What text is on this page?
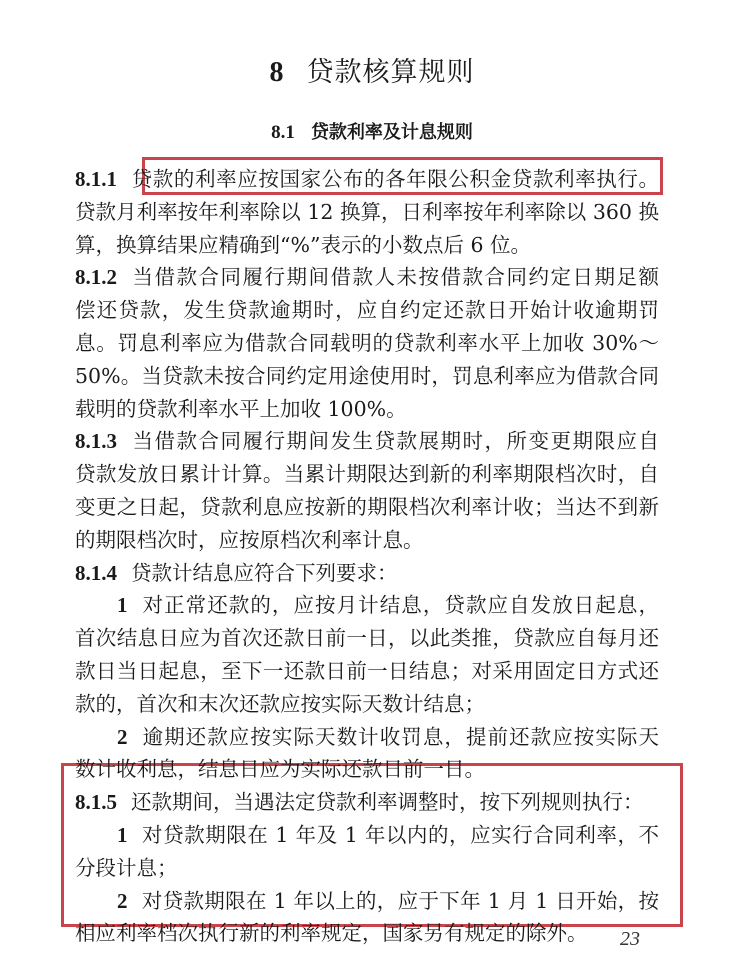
8 贷款核算规则
8.1 贷款利率及计息规则
8.1.1 贷款的利率应按国家公布的各年限公积金贷款利率执行。
贷款月利率按年利率除以 12 换算，日利率按年利率除以 360 换
算，换算结果应精确到“%”表示的小数点后 6 位。
8.1.2 当借款合同履行期间借款人未按借款合同约定日期足额
偿还贷款，发生贷款逾期时，应自约定还款日开始计收逾期罚
息。罚息利率应为借款合同载明的贷款利率水平上加收 30%～
50%。当贷款未按合同约定用途使用时，罚息利率应为借款合同
载明的贷款利率水平上加收 100%。
8.1.3 当借款合同履行期间发生贷款展期时，所变更期限应自
贷款发放日累计计算。当累计期限达到新的利率期限档次时，自
变更之日起，贷款利息应按新的期限档次利率计收；当达不到新
的期限档次时，应按原档次利率计息。
8.1.4 贷款计结息应符合下列要求：
1 对正常还款的，应按月计结息，贷款应自发放日起息，
首次结息日应为首次还款日前一日，以此类推，贷款应自每月还
款日当日起息，至下一还款日前一日结息；对采用固定日方式还
款的，首次和末次还款应按实际天数计结息；
2 逾期还款应按实际天数计收罚息，提前还款应按实际天
数计收利息，结息日应为实际还款日前一日。
8.1.5 还款期间，当遇法定贷款利率调整时，按下列规则执行：
1 对贷款期限在 1 年及 1 年以内的，应实行合同利率，不
分段计息；
2 对贷款期限在 1 年以上的，应于下年 1 月 1 日开始，按
相应利率档次执行新的利率规定，国家另有规定的除外。	23
